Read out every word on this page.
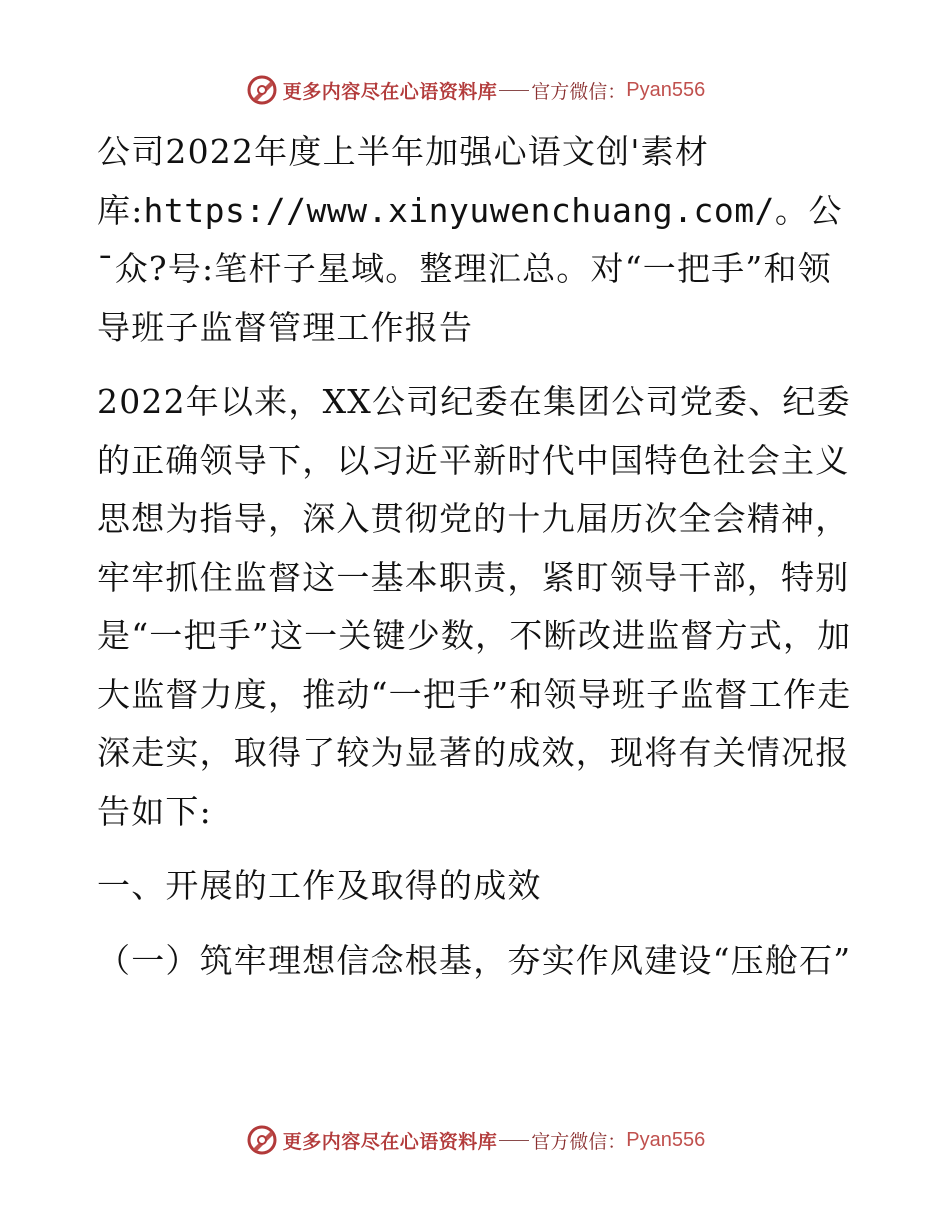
更多内容尽在心语资料库 官方微信： Pyan556

公司2022年度上半年加强心语文创'素材库:https://www.xinyuwenchuang.com/。公¯众?号:笔杆子星域。整理汇总。对“一把手”和领导班子监督管理工作报告

2022年以来，XX公司纪委在集团公司党委、纪委的正确领导下，以习近平新时代中国特色社会主义思想为指导，深入贯彻党的十九届历次全会精神，牢牢抓住监督这一基本职责，紧盯领导干部，特别是“一把手”这一关键少数，不断改进监督方式，加大监督力度，推动“一把手”和领导班子监督工作走深走实，取得了较为显著的成效，现将有关情况报告如下:

一、开展的工作及取得的成效

（一）筑牢理想信念根基，夯实作风建设“压舱石”

更多内容尽在心语资料库 官方微信： Pyan556
